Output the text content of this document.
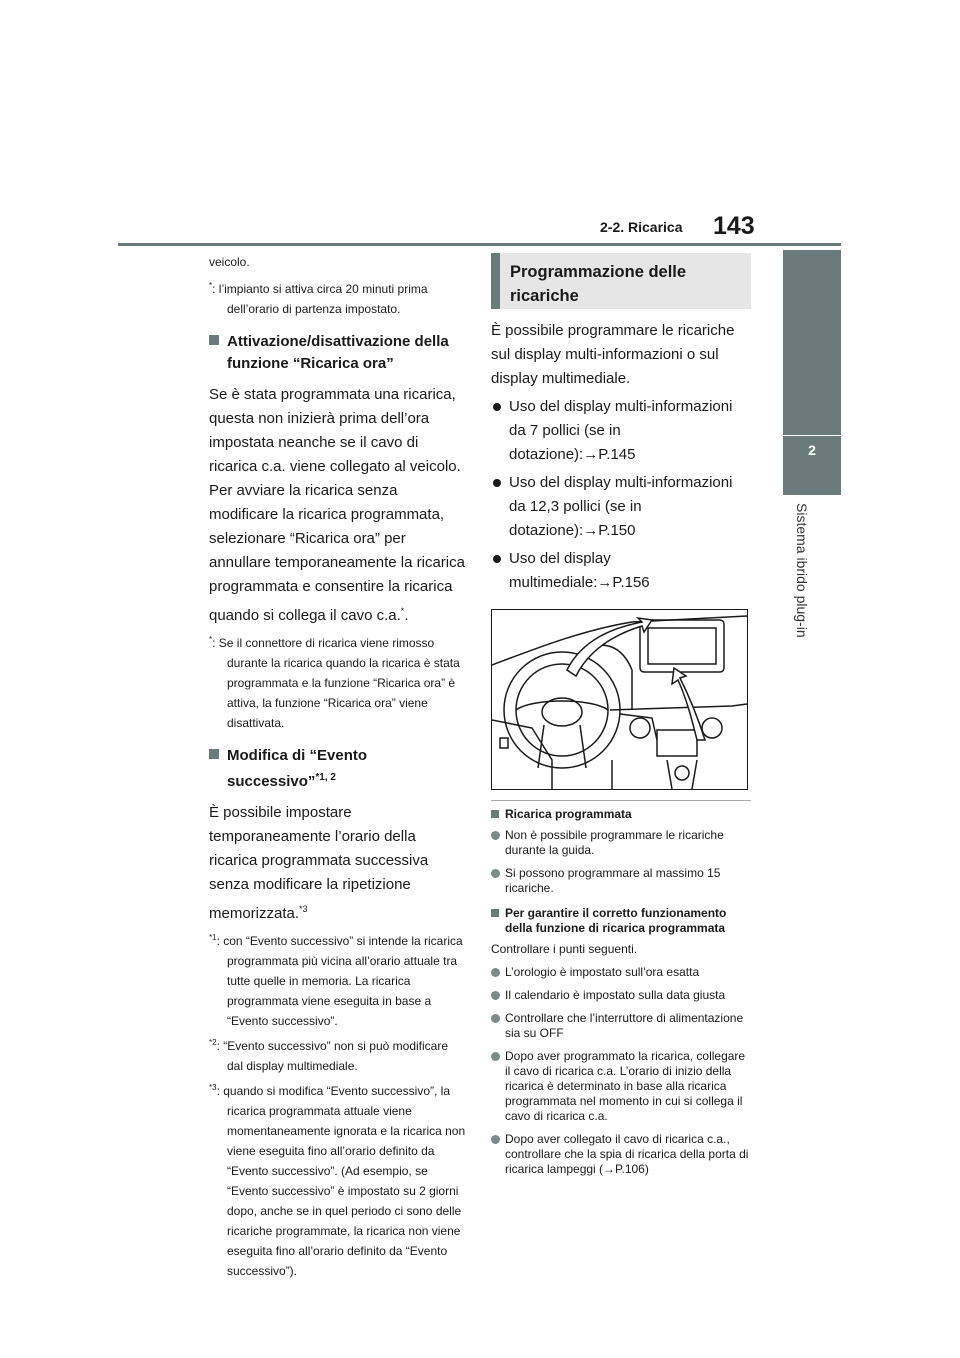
2-2. Ricarica	143
2
Sistema ibrido plug-in

veicolo.

*: l’impianto si attiva circa 20 minuti prima dell’orario di partenza impostato.

Attivazione/disattivazione della funzione “Ricarica ora”

Se è stata programmata una ricarica, questa non inizierà prima dell’ora impostata neanche se il cavo di ricarica c.a. viene collegato al veicolo. Per avviare la ricarica senza modificare la ricarica programmata, selezionare “Ricarica ora” per annullare temporaneamente la ricarica programmata e consentire la ricarica quando si collega il cavo c.a.*.

*: Se il connettore di ricarica viene rimosso durante la ricarica quando la ricarica è stata programmata e la funzione “Ricarica ora” è attiva, la funzione “Ricarica ora” viene disattivata.

Modifica di “Evento successivo”$^{*1, 2}$

È possibile impostare temporaneamente l’orario della ricarica programmata successiva senza modificare la ripetizione memorizzata.$^{*3}$

$^{*1}$: con “Evento successivo” si intende la ricarica programmata più vicina all’orario attuale tra tutte quelle in memoria. La ricarica programmata viene eseguita in base a “Evento successivo”.

$^{*2}$: “Evento successivo” non si può modificare dal display multimediale.

$^{*3}$: quando si modifica “Evento successivo”, la ricarica programmata attuale viene momentaneamente ignorata e la ricarica non viene eseguita fino all’orario definito da “Evento successivo”. (Ad esempio, se “Evento successivo” è impostato su 2 giorni dopo, anche se in quel periodo ci sono delle ricariche programmate, la ricarica non viene eseguita fino all’orario definito da “Evento successivo”).

Programmazione delle ricariche

È possibile programmare le ricariche sul display multi-informazioni o sul display multimediale.

Uso del display multi-informazioni da 7 pollici (se in dotazione):→P.145
Uso del display multi-informazioni da 12,3 pollici (se in dotazione):→P.150
Uso del display multimediale:→P.156
Ricarica programmata
Non è possibile programmare le ricariche durante la guida.
Si possono programmare al massimo 15 ricariche.
Per garantire il corretto funzionamento della funzione di ricarica programmata

Controllare i punti seguenti.

L’orologio è impostato sull’ora esatta
Il calendario è impostato sulla data giusta
Controllare che l’interruttore di alimentazione sia su OFF
Dopo aver programmato la ricarica, collegare il cavo di ricarica c.a. L’orario di inizio della ricarica è determinato in base alla ricarica programmata nel momento in cui si collega il cavo di ricarica c.a.
Dopo aver collegato il cavo di ricarica c.a., controllare che la spia di ricarica della porta di ricarica lampeggi (→P.106)
